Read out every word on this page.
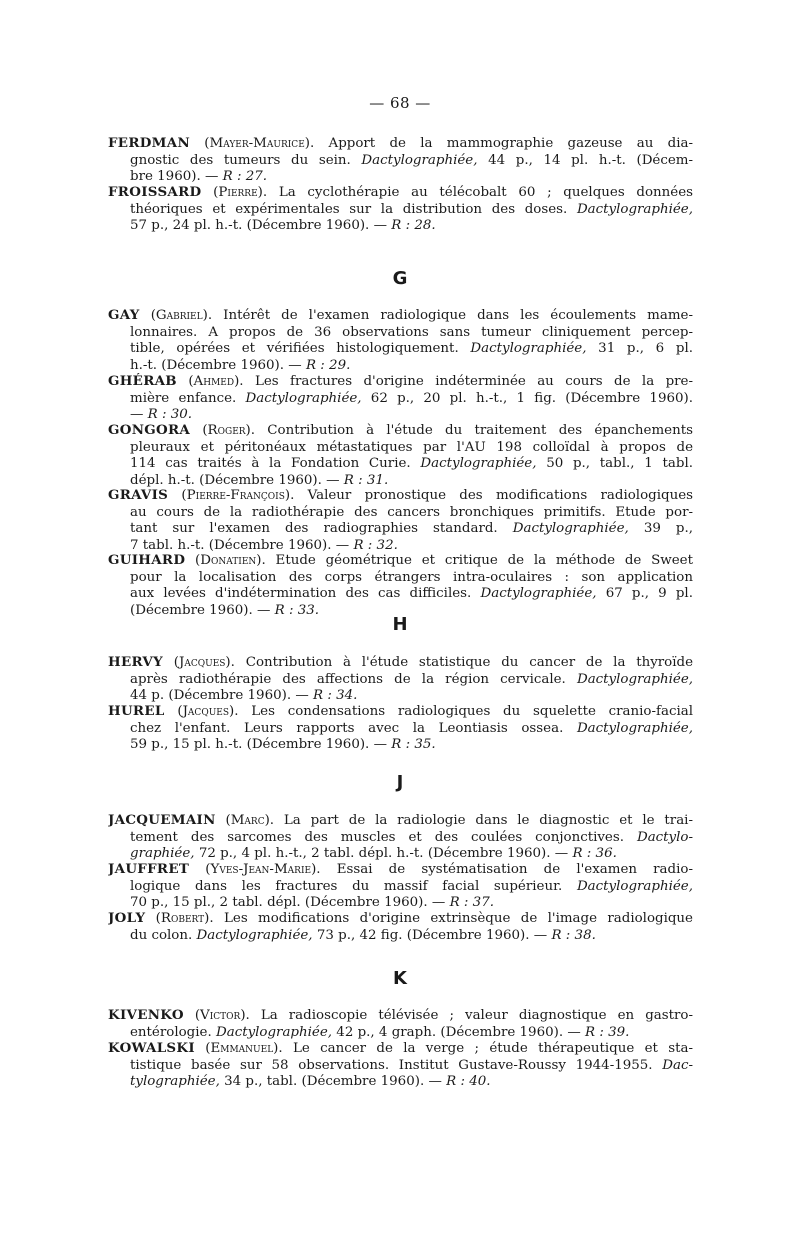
— 68 —
FERDMAN (Mayer-Maurice). Apport de la mammographie gazeuse au dia-
gnostic des tumeurs du sein. Dactylographiée, 44 p., 14 pl. h.-t. (Décem-
bre 1960). — R : 27.
FROISSARD (Pierre). La cyclothérapie au télécobalt 60 ; quelques données
théoriques et expérimentales sur la distribution des doses. Dactylographiée,
57 p., 24 pl. h.-t. (Décembre 1960). — R : 28.
G
GAY (Gabriel). Intérêt de l'examen radiologique dans les écoulements mame-
lonnaires. A propos de 36 observations sans tumeur cliniquement percep-
tible, opérées et vérifiées histologiquement. Dactylographiée, 31 p., 6 pl.
h.-t. (Décembre 1960). — R : 29.
GHÉRAB (Ahmed). Les fractures d'origine indéterminée au cours de la pre-
mière enfance. Dactylographiée, 62 p., 20 pl. h.-t., 1 fig. (Décembre 1960).
— R : 30.
GONGORA (Roger). Contribution à l'étude du traitement des épanchements
pleuraux et péritonéaux métastatiques par l'AU 198 colloïdal à propos de
114 cas traités à la Fondation Curie. Dactylographiée, 50 p., tabl., 1 tabl.
dépl. h.-t. (Décembre 1960). — R : 31.
GRAVIS (Pierre-François). Valeur pronostique des modifications radiologiques
au cours de la radiothérapie des cancers bronchiques primitifs. Etude por-
tant sur l'examen des radiographies standard. Dactylographiée, 39 p.,
7 tabl. h.-t. (Décembre 1960). — R : 32.
GUIHARD (Donatien). Etude géométrique et critique de la méthode de Sweet
pour la localisation des corps étrangers intra-oculaires : son application
aux levées d'indétermination des cas difficiles. Dactylographiée, 67 p., 9 pl.
(Décembre 1960). — R : 33.
H
HERVY (Jacques). Contribution à l'étude statistique du cancer de la thyroïde
après radiothérapie des affections de la région cervicale. Dactylographiée,
44 p. (Décembre 1960). — R : 34.
HUREL (Jacques). Les condensations radiologiques du squelette cranio-facial
chez l'enfant. Leurs rapports avec la Leontiasis ossea. Dactylographiée,
59 p., 15 pl. h.-t. (Décembre 1960). — R : 35.
J
JACQUEMAIN (Marc). La part de la radiologie dans le diagnostic et le trai-
tement des sarcomes des muscles et des coulées conjonctives. Dactylo-
graphiée, 72 p., 4 pl. h.-t., 2 tabl. dépl. h.-t. (Décembre 1960). — R : 36.
JAUFFRET (Yves-Jean-Marie). Essai de systématisation de l'examen radio-
logique dans les fractures du massif facial supérieur. Dactylographiée,
70 p., 15 pl., 2 tabl. dépl. (Décembre 1960). — R : 37.
JOLY (Robert). Les modifications d'origine extrinsèque de l'image radiologique
du colon. Dactylographiée, 73 p., 42 fig. (Décembre 1960). — R : 38.
K
KIVENKO (Victor). La radioscopie télévisée ; valeur diagnostique en gastro-
entérologie. Dactylographiée, 42 p., 4 graph. (Décembre 1960). — R : 39.
KOWALSKI (Emmanuel). Le cancer de la verge ; étude thérapeutique et sta-
tistique basée sur 58 observations. Institut Gustave-Roussy 1944-1955. Dac-
tylographiée, 34 p., tabl. (Décembre 1960). — R : 40.
